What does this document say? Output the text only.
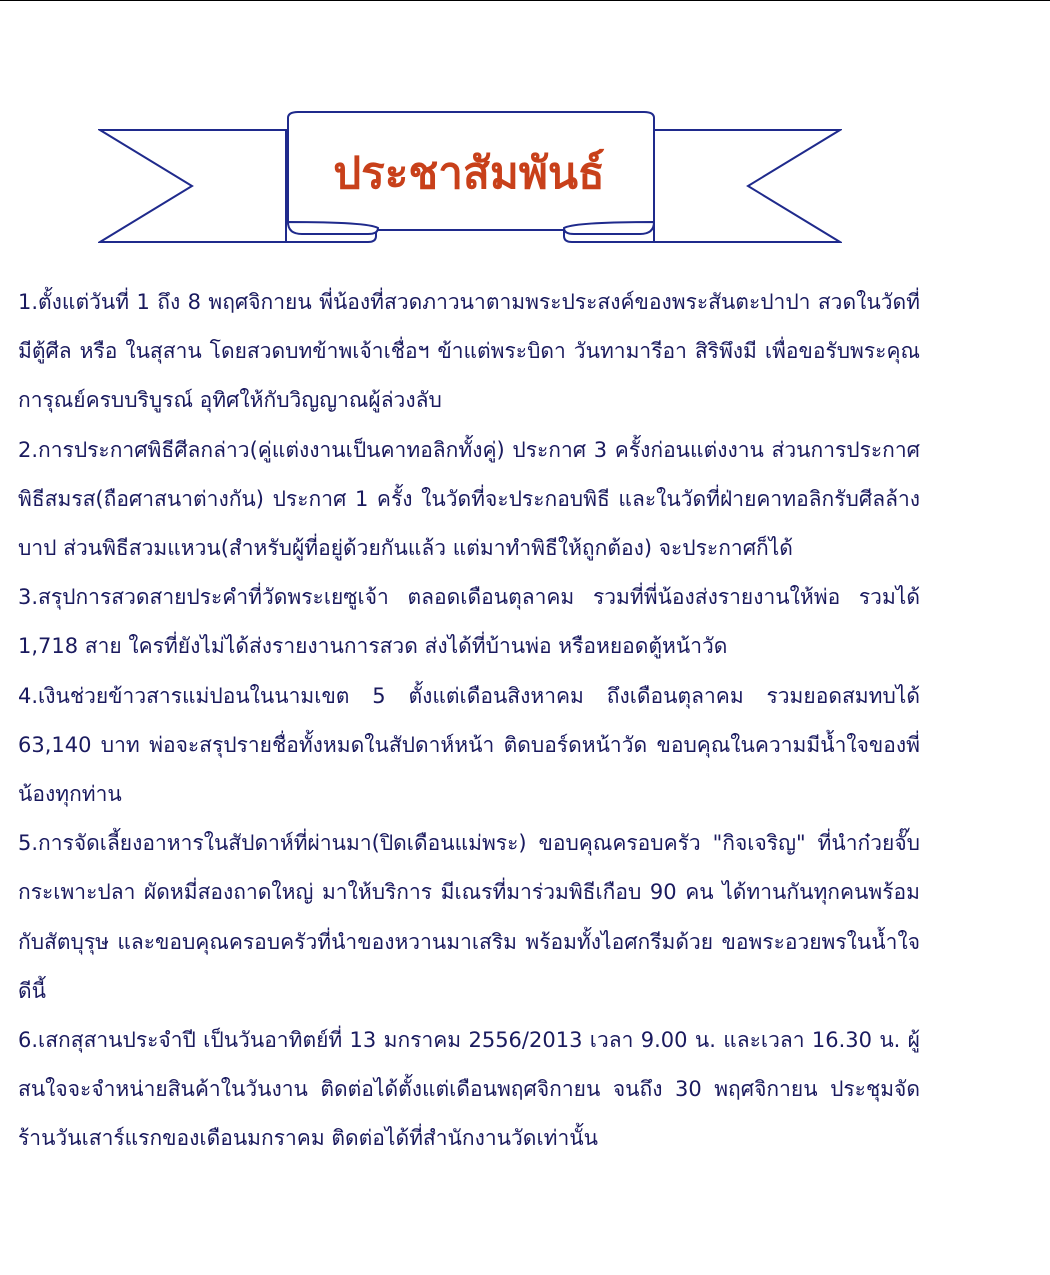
ประชาสัมพันธ์

1.ตั้งแต่วันที่ 1 ถึง 8 พฤศจิกายน พี่น้องที่สวดภาวนาตามพระประสงค์ของพระสันตะปาปา สวดในวัดที่มีตู้ศีล หรือ ในสุสาน โดยสวดบทข้าพเจ้าเชื่อฯ ข้าแต่พระบิดา วันทามารีอา สิริพึงมี เพื่อขอรับพระคุณการุณย์ครบบริบูรณ์ อุทิศให้กับวิญญาณผู้ล่วงลับ

2.การประกาศพิธีศีลกล่าว(คู่แต่งงานเป็นคาทอลิกทั้งคู่) ประกาศ 3 ครั้งก่อนแต่งงาน ส่วนการประกาศพิธีสมรส(ถือศาสนาต่างกัน) ประกาศ 1 ครั้ง ในวัดที่จะประกอบพิธี และในวัดที่ฝ่ายคาทอลิกรับศีลล้างบาป ส่วนพิธีสวมแหวน(สำหรับผู้ที่อยู่ด้วยกันแล้ว แต่มาทำพิธีให้ถูกต้อง) จะประกาศก็ได้

3.สรุปการสวดสายประคำที่วัดพระเยซูเจ้า ตลอดเดือนตุลาคม รวมที่พี่น้องส่งรายงานให้พ่อ รวมได้ 1,718 สาย ใครที่ยังไม่ได้ส่งรายงานการสวด ส่งได้ที่บ้านพ่อ หรือหยอดตู้หน้าวัด

4.เงินช่วยข้าวสารแม่ปอนในนามเขต 5 ตั้งแต่เดือนสิงหาคม ถึงเดือนตุลาคม รวมยอดสมทบได้ 63,140 บาท พ่อจะสรุปรายชื่อทั้งหมดในสัปดาห์หน้า ติดบอร์ดหน้าวัด ขอบคุณในความมีน้ำใจของพี่น้องทุกท่าน

5.การจัดเลี้ยงอาหารในสัปดาห์ที่ผ่านมา(ปิดเดือนแม่พระ) ขอบคุณครอบครัว "กิจเจริญ" ที่นำก๋วยจั๊บ กระเพาะปลา ผัดหมี่สองถาดใหญ่ มาให้บริการ มีเณรที่มาร่วมพิธีเกือบ 90 คน ได้ทานกันทุกคนพร้อมกับสัตบุรุษ และขอบคุณครอบครัวที่นำของหวานมาเสริม พร้อมทั้งไอศกรีมด้วย ขอพระอวยพรในน้ำใจดีนี้

6.เสกสุสานประจำปี เป็นวันอาทิตย์ที่ 13 มกราคม 2556/2013 เวลา 9.00 น. และเวลา 16.30 น. ผู้สนใจจะจำหน่ายสินค้าในวันงาน ติดต่อได้ตั้งแต่เดือนพฤศจิกายน จนถึง 30 พฤศจิกายน ประชุมจัดร้านวันเสาร์แรกของเดือนมกราคม ติดต่อได้ที่สำนักงานวัดเท่านั้น
